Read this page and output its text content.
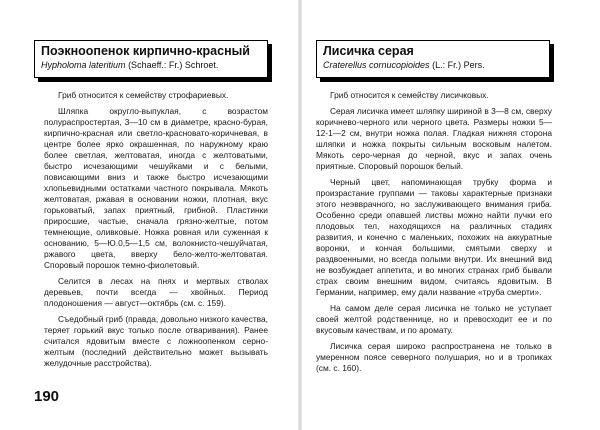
Поэкноопенок кирпично-красный
Hypholoma lateritium (Schaeff.: Fr.) Schroet.

Гриб относится к семейству строфариевых.

Шляпка округло-выпуклая, с возрастом полураспростертая, 3—10 см в диаметре, красно-бурая, кирпично-красная или светло-красновато-коричневая, в центре более ярко окрашенная, по наружному краю более светлая, желтоватая, иногда с желтоватыми, быстро исчезающими чешуйками и с белыми, повисающими вниз и также быстро исчезающими хлопьевидными остатками частного покрывала. Мякоть желтоватая, ржавая в основании ножки, плотная, вкус горьковатый, запах приятный, грибной. Пластинки приросшие, частые, сначала грязно-желтые, потом темнеющие, оливковые. Ножка ровная или суженная к основанию, 5—Ю.0,5—1,5 см, волокнисто-чешуйчатая, ржавого цвета, вверху бело-желто-желтоватая. Споровый порошок темно-фиолетовый.

Селится в лесах на пнях и мертвых стволах деревьев, почти всегда — хвойных. Период плодоношения — август—октябрь (см. с. 159).

Съедобный гриб (правда, довольно низкого качества, теряет горький вкус только после отваривания). Ранее считался ядовитым вместе с ложноопенком серно-желтым (последний действительно может вызывать желудочные расстройства).

190
Лисичка серая
Craterellus cornucopioides (L.: Fr.) Pers.

Гриб относится к семейству лисичковых.

Серая лисичка имеет шляпку шириной в 3—8 см, сверху коричнево-черного или черного цвета. Размеры ножки 5—12-1—2 см, внутри ножка полая. Гладкая нижняя сторона шляпки и ножка покрыты сильным восковым налетом. Мякоть серо-черная до черной, вкус и запах очень приятные. Споровый порошок белый.

Черный цвет, напоминающая трубку форма и произрастание группами — таковы характерные признаки этого неэвврачного, но заслуживающего внимания гриба. Особенно среди опавшей листвы можно найти пучки его плодовых тел, находящихся на различных стадиях развития, и конечно с маленьких, похожих на аккуратные воронки, и кончая большими, смятыми сверху и раздвоенными, но всегда полыми внутри. Их внешний вид не возбуждает аппетита, и во многих странах гриб бывали страх своим внешним видом, считаясь ядовитым. В Германии, например, ему дали название «труба смерти».

На самом деле серая лисичка не только не уступает своей желтой родственнице, но и превосходит ее и по вкусовым качествам, и по аромату.

Лисичка серая широко распространена не только в умеренном поясе северного полушария, но и в тропиках (см. с. 160).
